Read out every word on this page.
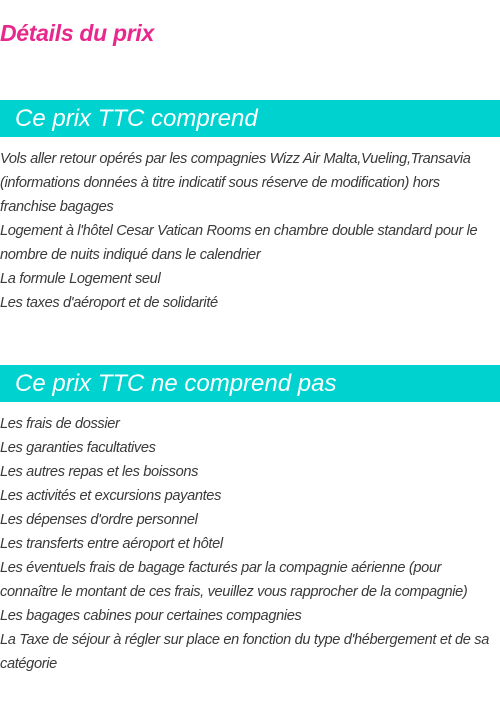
Détails du prix
Ce prix TTC comprend
Vols aller retour opérés par les compagnies Wizz Air Malta,Vueling,Transavia (informations données à titre indicatif sous réserve de modification) hors franchise bagages
Logement à l'hôtel Cesar Vatican Rooms en chambre double standard pour le nombre de nuits indiqué dans le calendrier
La formule Logement seul
Les taxes d'aéroport et de solidarité
Ce prix TTC ne comprend pas
Les frais de dossier
Les garanties facultatives
Les autres repas et les boissons
Les activités et excursions payantes
Les dépenses d'ordre personnel
Les transferts entre aéroport et hôtel
Les éventuels frais de bagage facturés par la compagnie aérienne (pour connaître le montant de ces frais, veuillez vous rapprocher de la compagnie)
Les bagages cabines pour certaines compagnies
La Taxe de séjour à régler sur place en fonction du type d'hébergement et de sa catégorie
